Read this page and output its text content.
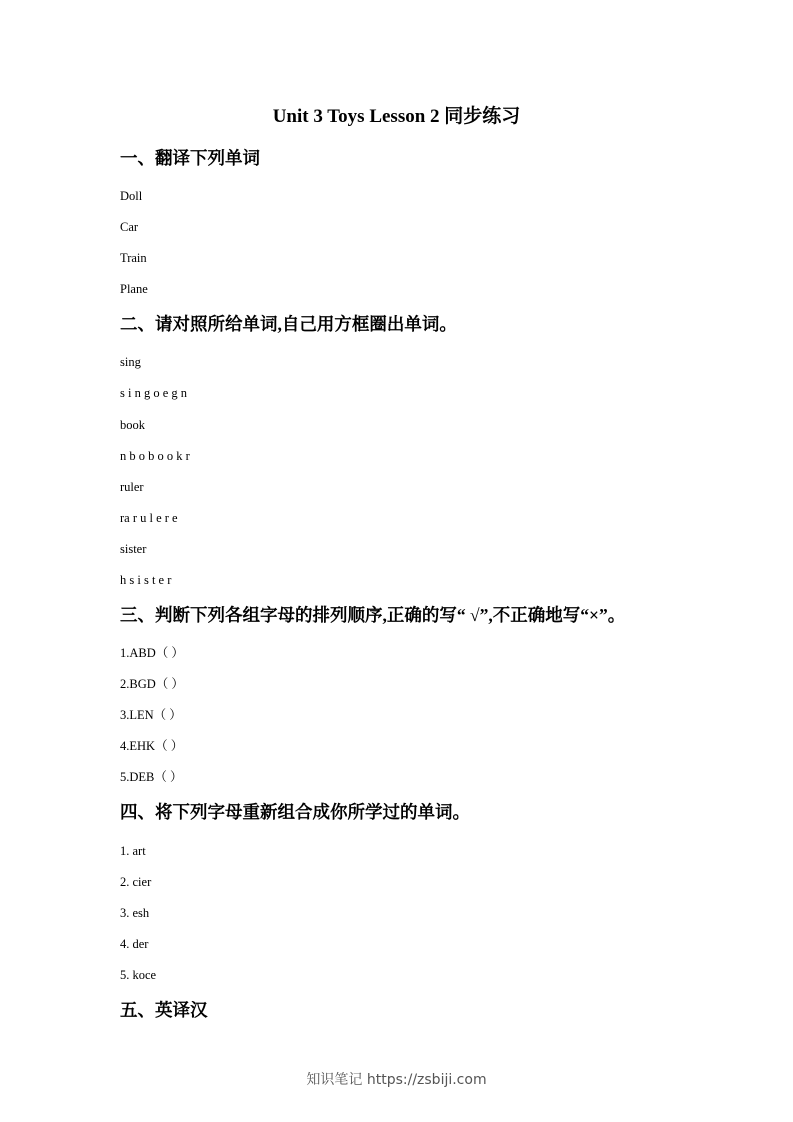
Unit 3 Toys Lesson 2 同步练习
一、翻译下列单词
Doll
Car
Train
Plane
二、请对照所给单词,自己用方框圈出单词。
sing
s i n g o e g n
book
n b o b o o k r
ruler
ra r u l e r e
sister
h s i s t e r
三、判断下列各组字母的排列顺序,正确的写“ √”,不正确地写“×”。
1.ABD（ ）
2.BGD（ ）
3.LEN（ ）
4.EHK（ ）
5.DEB（ ）
四、将下列字母重新组合成你所学过的单词。
1. art
2. cier
3. esh
4. der
5. koce
五、英译汉
知识笔记 https://zsbiji.com
